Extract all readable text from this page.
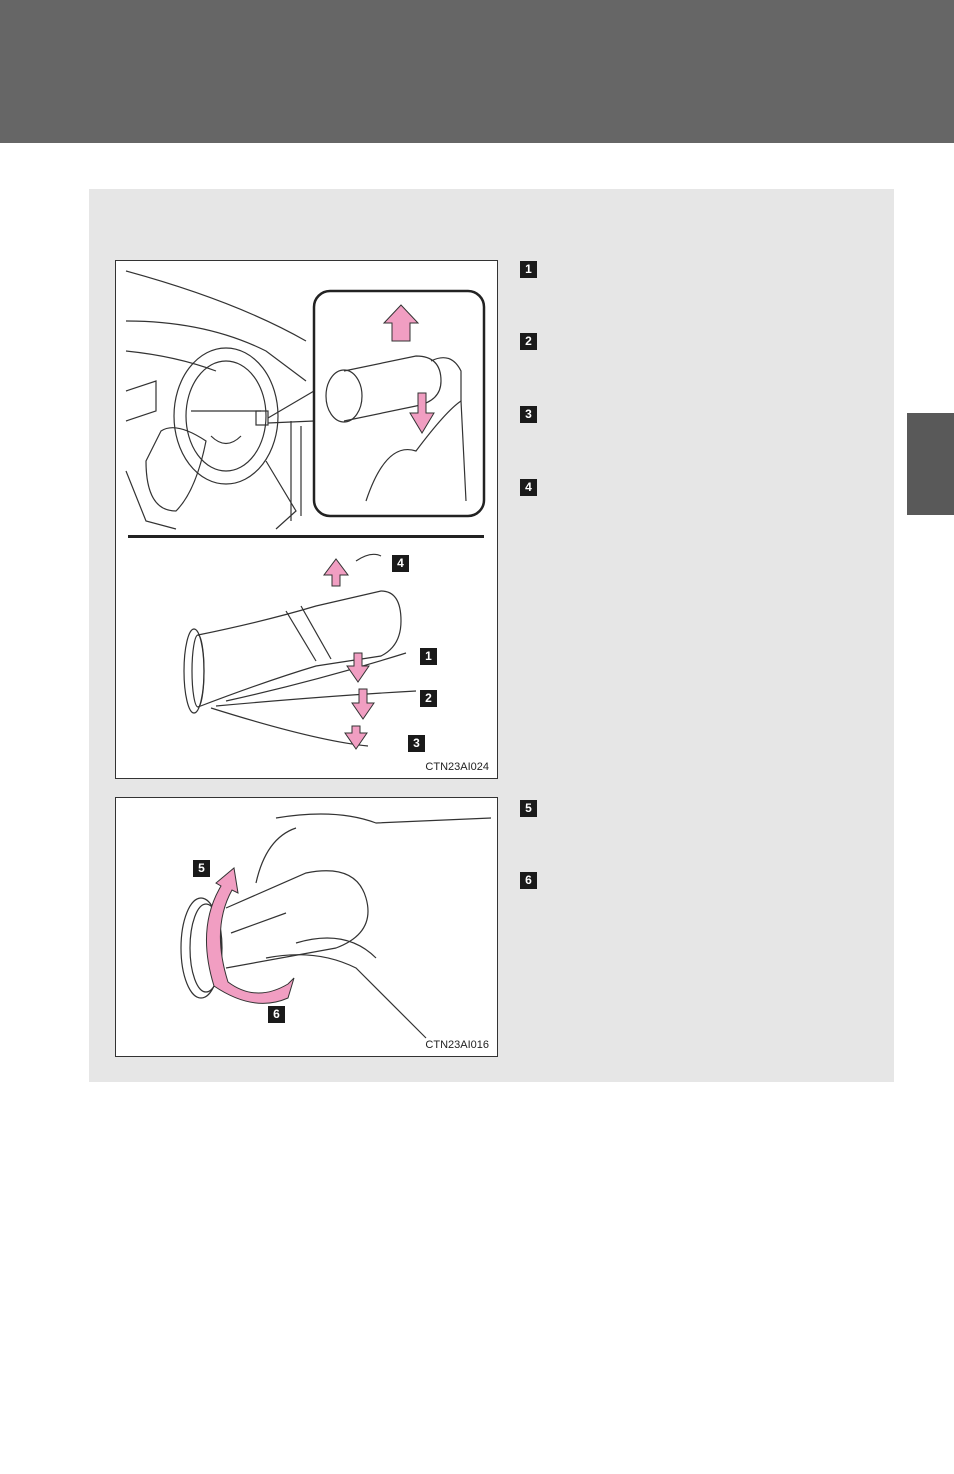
4
1
2
3
CTN23AI024
5
6
CTN23AI016
1
2
3
4
5
6
